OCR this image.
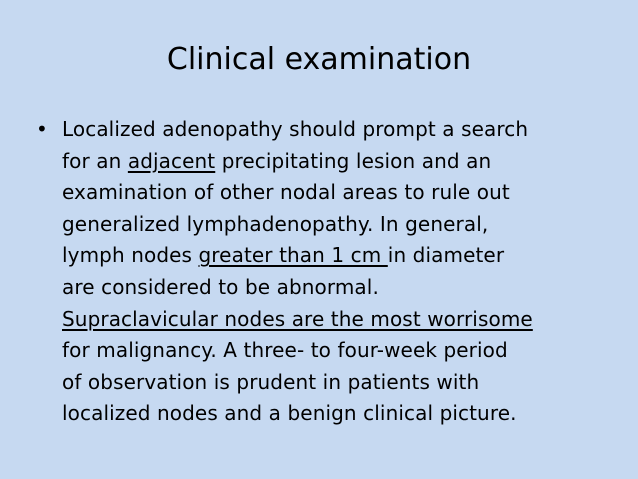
Clinical examination
• Localized adenopathy should prompt a search
for an adjacent precipitating lesion and an
examination of other nodal areas to rule out
generalized lymphadenopathy. In general,
lymph nodes greater than 1 cm in diameter
are considered to be abnormal.
Supraclavicular nodes are the most worrisome
for malignancy. A three- to four-week period
of observation is prudent in patients with
localized nodes and a benign clinical picture.
